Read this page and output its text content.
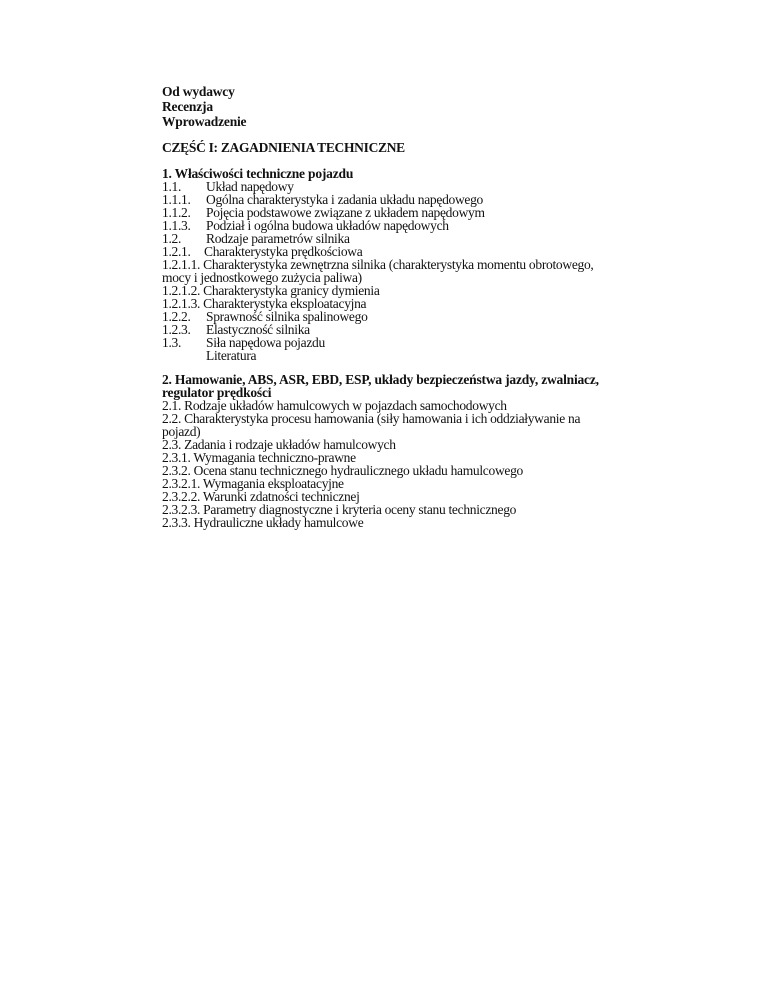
Od wydawcy
Recenzja
Wprowadzenie
CZĘŚĆ I: ZAGADNIENIA TECHNICZNE
1. Właściwości techniczne pojazdu
1.1. Układ napędowy
1.1.1. Ogólna charakterystyka i zadania układu napędowego
1.1.2. Pojęcia podstawowe związane z układem napędowym
1.1.3. Podział i ogólna budowa układów napędowych
1.2. Rodzaje parametrów silnika
1.2.1. Charakterystyka prędkościowa
1.2.1.1. Charakterystyka zewnętrzna silnika (charakterystyka momentu obrotowego, mocy i jednostkowego zużycia paliwa)
1.2.1.2. Charakterystyka granicy dymienia
1.2.1.3. Charakterystyka eksploatacyjna
1.2.2. Sprawność silnika spalinowego
1.2.3. Elastyczność silnika
1.3. Siła napędowa pojazdu
Literatura
2. Hamowanie, ABS, ASR, EBD, ESP, układy bezpieczeństwa jazdy, zwalniacz, regulator prędkości
2.1. Rodzaje układów hamulcowych w pojazdach samochodowych
2.2. Charakterystyka procesu hamowania (siły hamowania i ich oddziaływanie na pojazd)
2.3. Zadania i rodzaje układów hamulcowych
2.3.1. Wymagania techniczno-prawne
2.3.2. Ocena stanu technicznego hydraulicznego układu hamulcowego
2.3.2.1. Wymagania eksploatacyjne
2.3.2.2. Warunki zdatności technicznej
2.3.2.3. Parametry diagnostyczne i kryteria oceny stanu technicznego
2.3.3. Hydrauliczne układy hamulcowe
